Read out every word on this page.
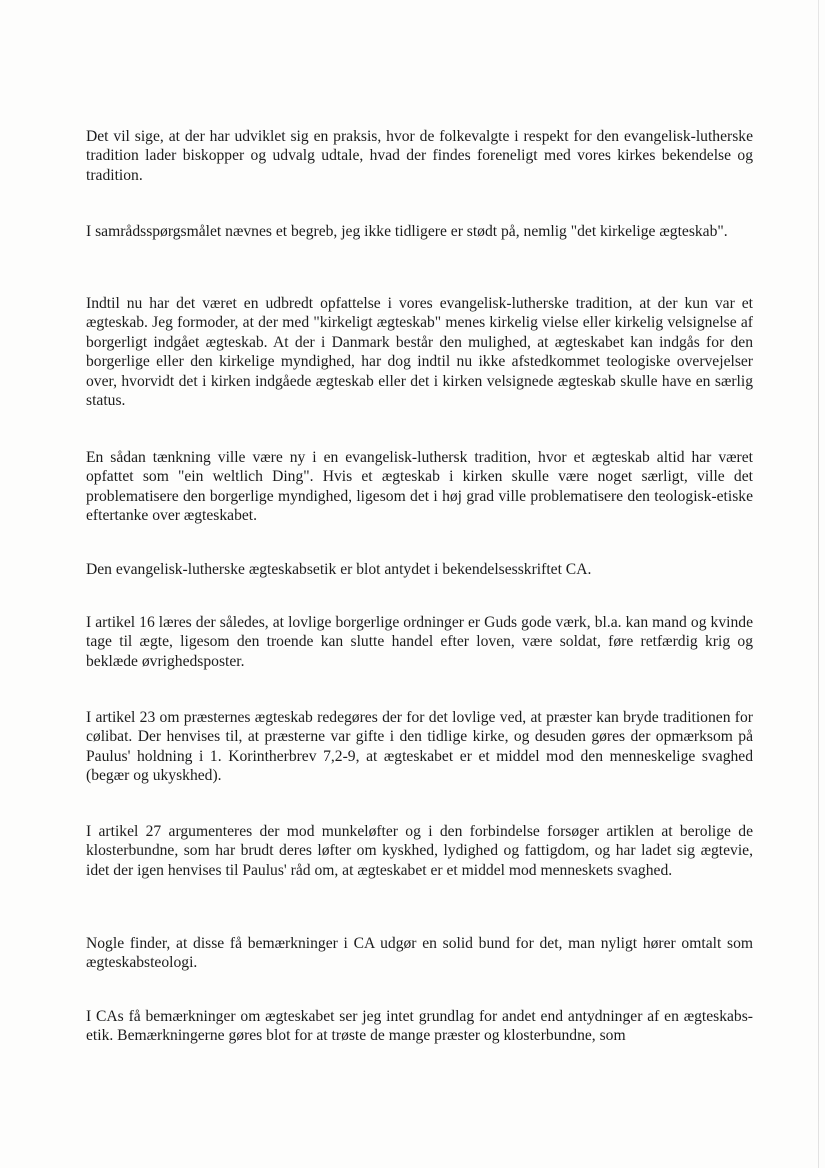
Det vil sige, at der har udviklet sig en praksis, hvor de folkevalgte i respekt for den evangelisk-lutherske tradition lader biskopper og udvalg udtale, hvad der findes foreneligt med vores kirkes bekendelse og tradition.

I samrådsspørgsmålet nævnes et begreb, jeg ikke tidligere er stødt på, nemlig "det kirkelige ægteskab".

Indtil nu har det været en udbredt opfattelse i vores evangelisk-lutherske tradition, at der kun var et ægteskab. Jeg formoder, at der med "kirkeligt ægteskab" menes kirkelig vielse eller kirkelig velsignelse af borgerligt indgået ægteskab. At der i Danmark består den mulighed, at ægteskabet kan indgås for den borgerlige eller den kirkelige myndighed, har dog indtil nu ikke afstedkommet teologiske overvejelser over, hvorvidt det i kirken indgåede ægteskab eller det i kirken velsignede ægteskab skulle have en særlig status.

En sådan tænkning ville være ny i en evangelisk-luthersk tradition, hvor et ægteskab altid har været opfattet som "ein weltlich Ding". Hvis et ægteskab i kirken skulle være noget særligt, ville det problematisere den borgerlige myndighed, ligesom det i høj grad ville problematisere den teologisk-etiske eftertanke over ægteskabet.

Den evangelisk-lutherske ægteskabsetik er blot antydet i bekendelsesskriftet CA.

I artikel 16 læres der således, at lovlige borgerlige ordninger er Guds gode værk, bl.a. kan mand og kvinde tage til ægte, ligesom den troende kan slutte handel efter loven, være soldat, føre retfærdig krig og beklæde øvrighedsposter.

I artikel 23 om præsternes ægteskab redegøres der for det lovlige ved, at præster kan bryde traditionen for cølibat. Der henvises til, at præsterne var gifte i den tidlige kirke, og desuden gøres der opmærksom på Paulus' holdning i 1. Korintherbrev 7,2-9, at ægteskabet er et middel mod den menneskelige svaghed (begær og ukyskhed).

I artikel 27 argumenteres der mod munkeløfter og i den forbindelse forsøger artiklen at berolige de klosterbundne, som har brudt deres løfter om kyskhed, lydighed og fattigdom, og har ladet sig ægtevie, idet der igen henvises til Paulus' råd om, at ægteskabet er et middel mod menneskets svaghed.

Nogle finder, at disse få bemærkninger i CA udgør en solid bund for det, man nyligt hører omtalt som ægteskabsteologi.

I CAs få bemærkninger om ægteskabet ser jeg intet grundlag for andet end antydninger af en ægteskabs-etik. Bemærkningerne gøres blot for at trøste de mange præster og klosterbundne, som
